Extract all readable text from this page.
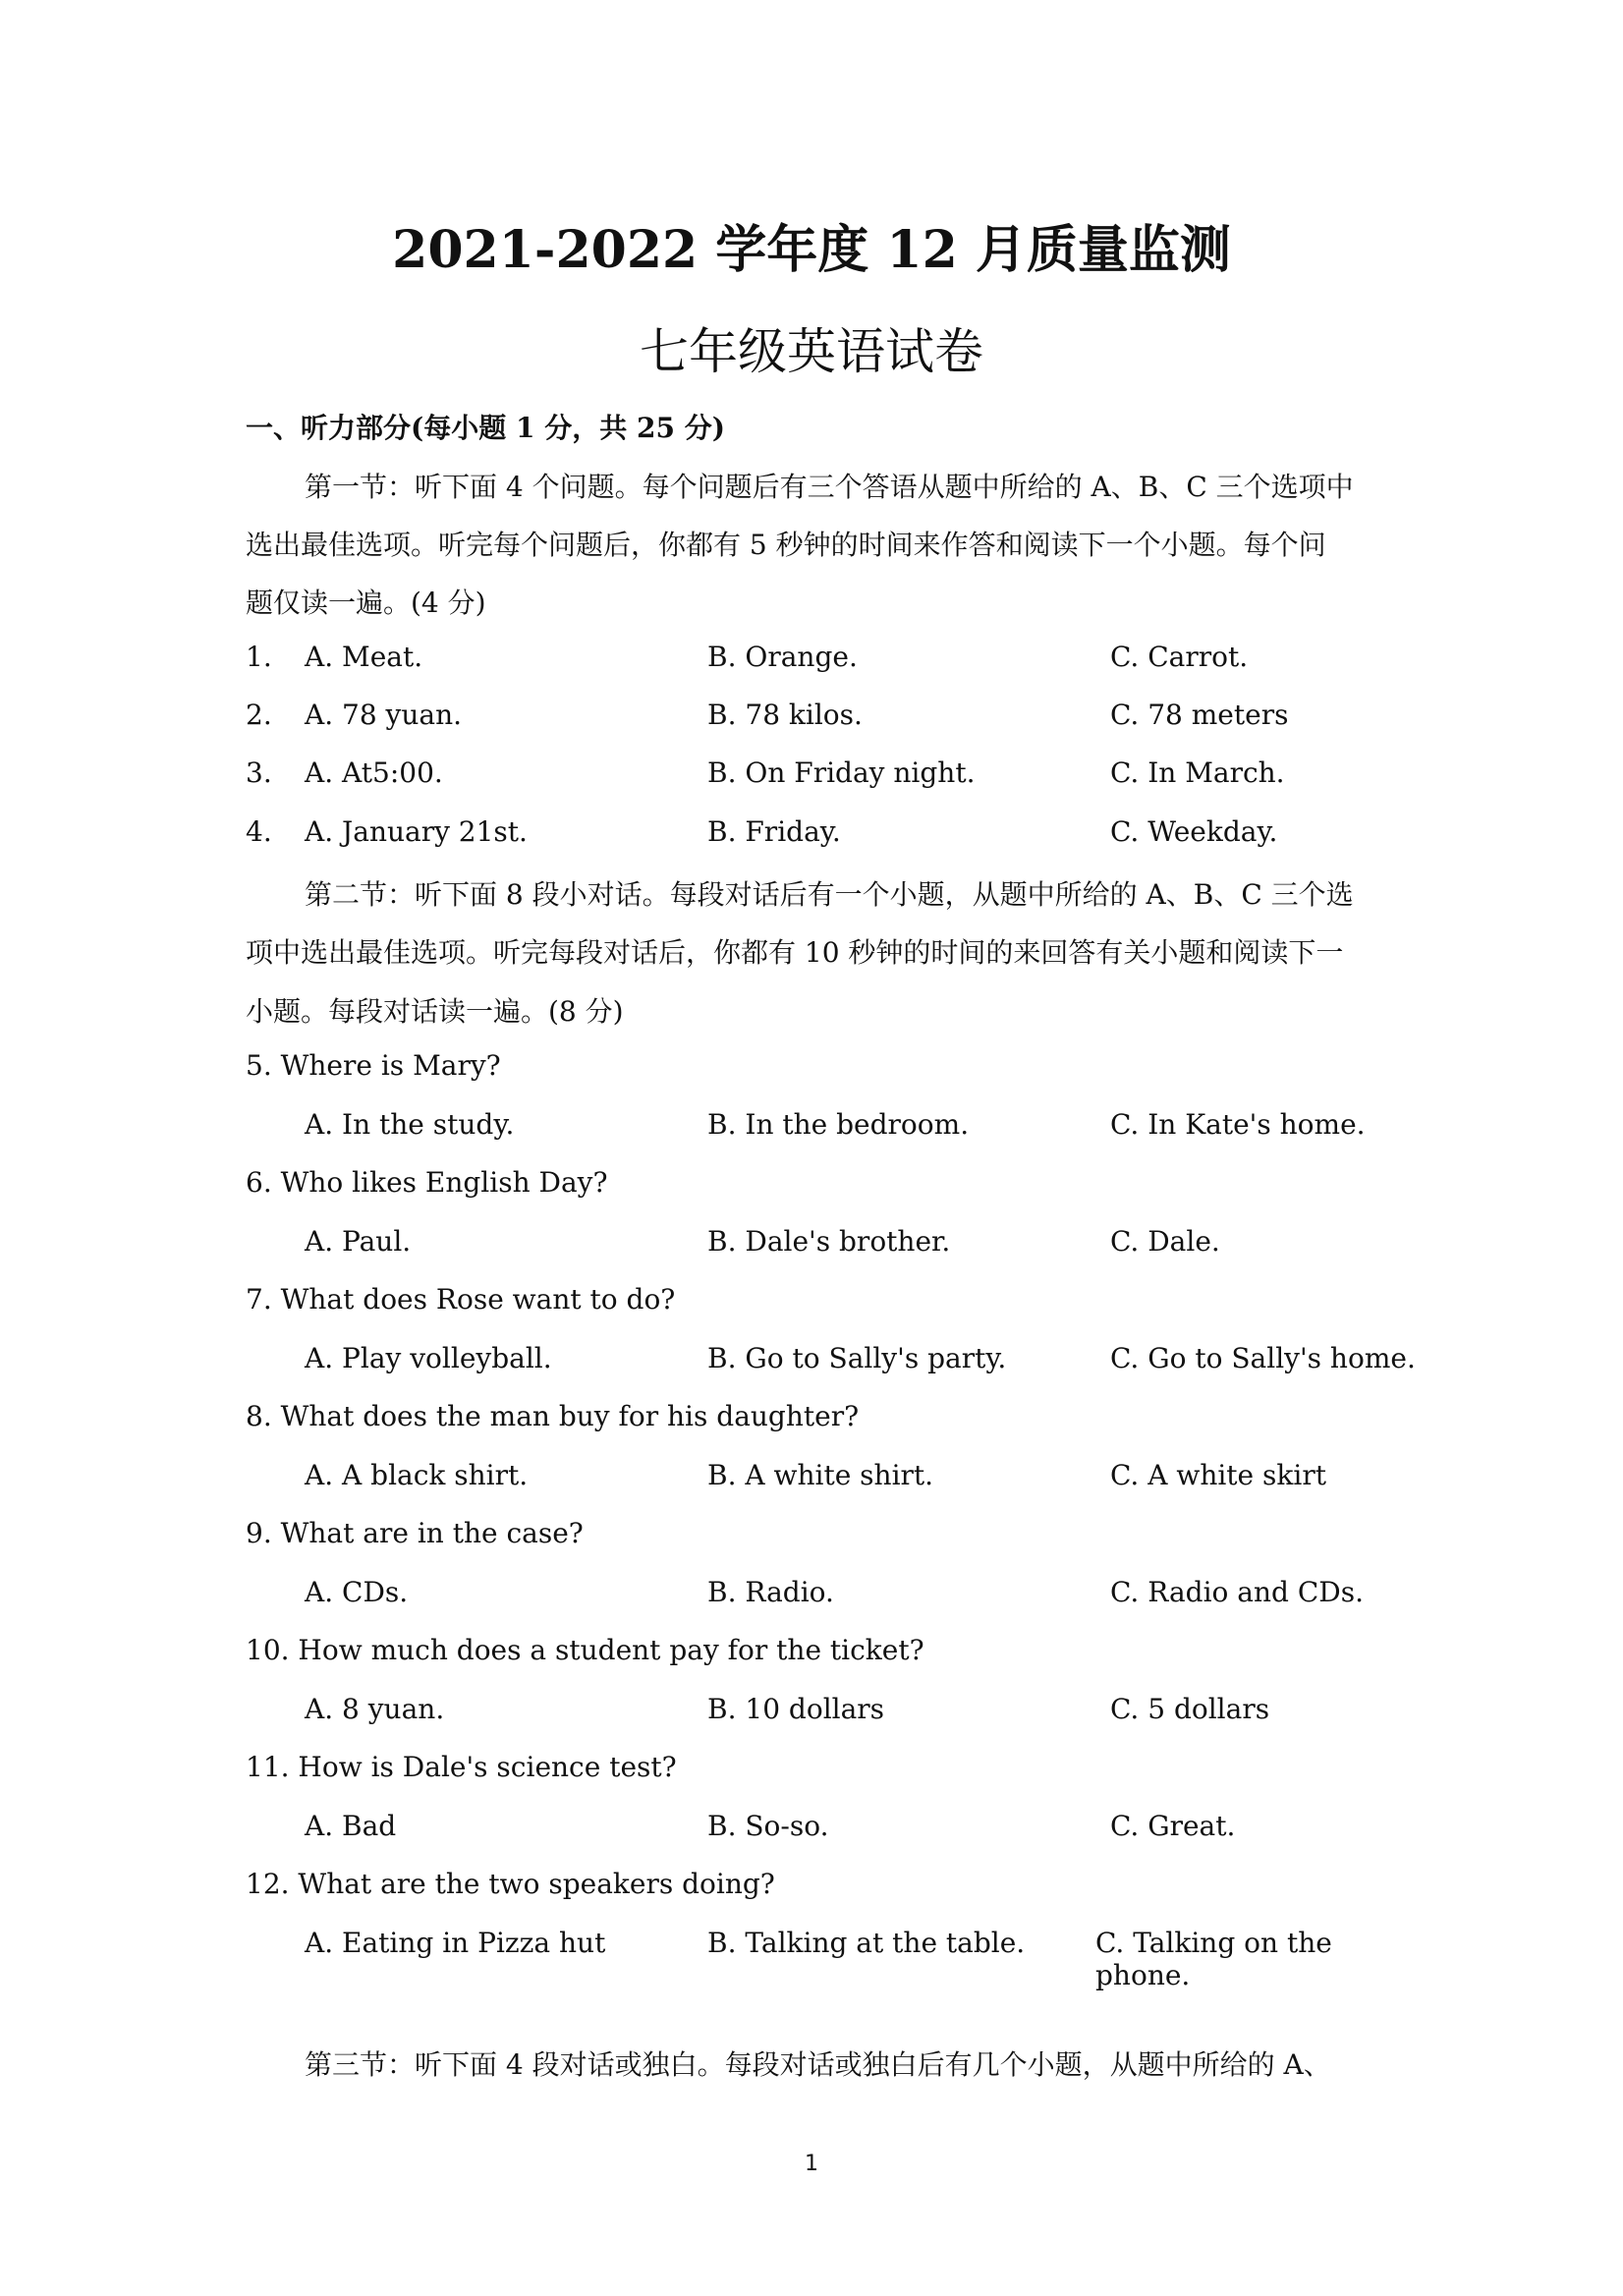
2021-2022 学年度 12 月质量监测
七年级英语试卷
一、听力部分(每小题 1 分，共 25 分)
第一节：听下面 4 个问题。每个问题后有三个答语从题中所给的 A、B、C 三个选项中
选出最佳选项。听完每个问题后，你都有 5 秒钟的时间来作答和阅读下一个小题。每个问
题仅读一遍。(4 分)
1. A. Meat.	B. Orange.	C. Carrot.
2. A. 78 yuan.	B. 78 kilos.	C. 78 meters
3. A. At5:00.	B. On Friday night.	C. In March.
4. A. January 21st.	B. Friday.	C. Weekday.
第二节：听下面 8 段小对话。每段对话后有一个小题，从题中所给的 A、B、C 三个选
项中选出最佳选项。听完每段对话后，你都有 10 秒钟的时间的来回答有关小题和阅读下一
小题。每段对话读一遍。(8 分)
5. Where is Mary?
A. In the study.	B. In the bedroom.	C. In Kate's home.
6. Who likes English Day?
A. Paul.	B. Dale's brother.	C. Dale.
7. What does Rose want to do?
A. Play volleyball.	B. Go to Sally's party.	C. Go to Sally's home.
8. What does the man buy for his daughter?
A. A black shirt.	B. A white shirt.	C. A white skirt
9. What are in the case?
A. CDs.	B. Radio.	C. Radio and CDs.
10. How much does a student pay for the ticket?
A. 8 yuan.	B. 10 dollars	C. 5 dollars
11. How is Dale's science test?
A. Bad	B. So-so.	C. Great.
12. What are the two speakers doing?
A. Eating in Pizza hut	B. Talking at the table.	C. Talking on the phone.
第三节：听下面 4 段对话或独白。每段对话或独白后有几个小题，从题中所给的 A、
1
